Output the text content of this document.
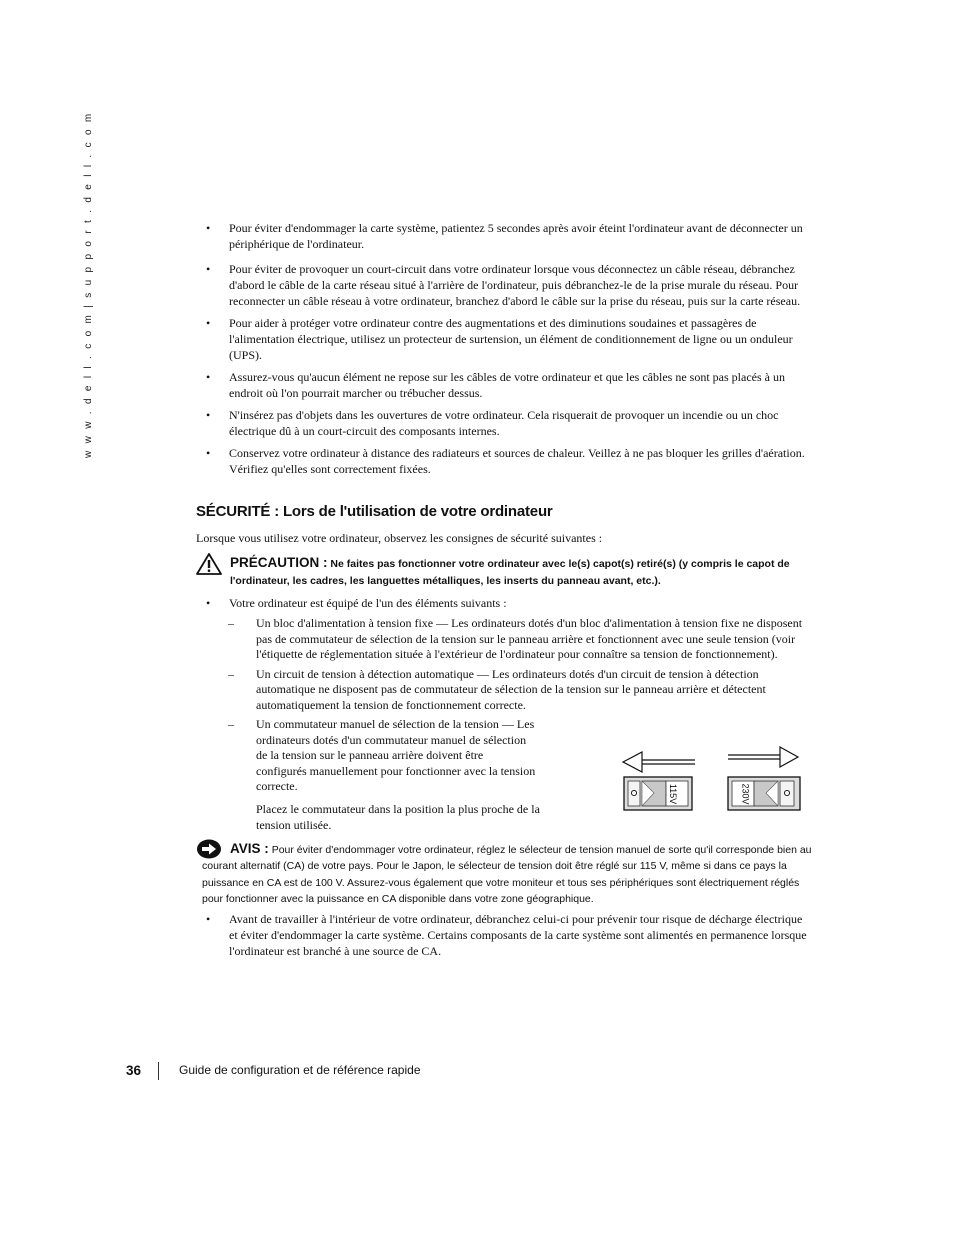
w w w . d e l l . c o m | s u p p o r t . d e l l . c o m	• Pour éviter d'endommager la carte système, patientez 5 secondes après avoir éteint l'ordinateur avant de déconnecter un périphérique de l'ordinateur.
• Pour éviter de provoquer un court-circuit dans votre ordinateur lorsque vous déconnectez un câble réseau, débranchez d'abord le câble de la carte réseau situé à l'arrière de l'ordinateur, puis débranchez-le de la prise murale du réseau. Pour reconnecter un câble réseau à votre ordinateur, branchez d'abord le câble sur la prise du réseau, puis sur la carte réseau.
• Pour aider à protéger votre ordinateur contre des augmentations et des diminutions soudaines et passagères de l'alimentation électrique, utilisez un protecteur de surtension, un élément de conditionnement de ligne ou un onduleur (UPS).
• Assurez-vous qu'aucun élément ne repose sur les câbles de votre ordinateur et que les câbles ne sont pas placés à un endroit où l'on pourrait marcher ou trébucher dessus.
• N'insérez pas d'objets dans les ouvertures de votre ordinateur. Cela risquerait de provoquer un incendie ou un choc électrique dû à un court-circuit des composants internes.
• Conservez votre ordinateur à distance des radiateurs et sources de chaleur. Veillez à ne pas bloquer les grilles d'aération. Vérifiez qu'elles sont correctement fixées.
SÉCURITÉ : Lors de l'utilisation de votre ordinateur

Lorsque vous utilisez votre ordinateur, observez les consignes de sécurité suivantes :

PRÉCAUTION : Ne faites pas fonctionner votre ordinateur avec le(s) capot(s) retiré(s) (y compris le capot de l'ordinateur, les cadres, les languettes métalliques, les inserts du panneau avant, etc.).
• Votre ordinateur est équipé de l'un des éléments suivants :
– Un bloc d'alimentation à tension fixe — Les ordinateurs dotés d'un bloc d'alimentation à tension fixe ne disposent pas de commutateur de sélection de la tension sur le panneau arrière et fonctionnent avec une seule tension (voir l'étiquette de réglementation située à l'extérieur de l'ordinateur pour connaître sa tension de fonctionnement).
– Un circuit de tension à détection automatique — Les ordinateurs dotés d'un circuit de tension à détection automatique ne disposent pas de commutateur de sélection de la tension sur le panneau arrière et détectent automatiquement la tension de fonctionnement correcte.
– Un commutateur manuel de sélection de la tension — Les ordinateurs dotés d'un commutateur manuel de sélection de la tension sur le panneau arrière doivent être configurés manuellement pour fonctionner avec la tension correcte.

Placez le commutateur dans la position la plus proche de la tension utilisée.

115V	230V
AVIS : Pour éviter d'endommager votre ordinateur, réglez le sélecteur de tension manuel de sorte qu'il corresponde bien au courant alternatif (CA) de votre pays. Pour le Japon, le sélecteur de tension doit être réglé sur 115 V, même si dans ce pays la puissance en CA est de 100 V. Assurez-vous également que votre moniteur et tous ses périphériques sont électriquement réglés pour fonctionner avec la puissance en CA disponible dans votre zone géographique.
• Avant de travailler à l'intérieur de votre ordinateur, débranchez celui-ci pour prévenir tour risque de décharge électrique et éviter d'endommager la carte système. Certains composants de la carte système sont alimentés en permanence lorsque l'ordinateur est branché à une source de CA.
36	Guide de configuration et de référence rapide
